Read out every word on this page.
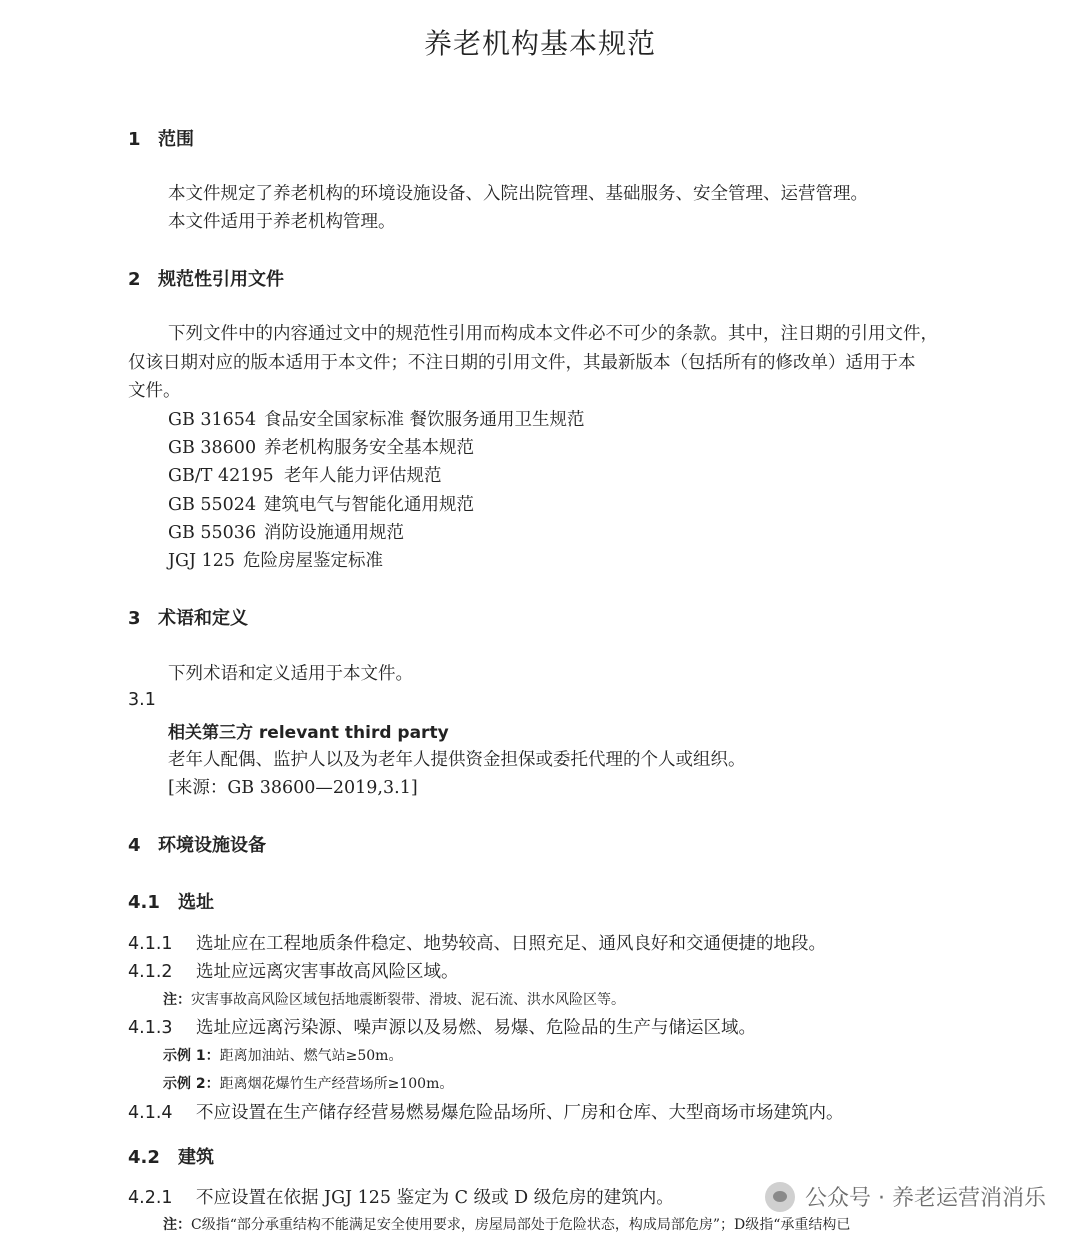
养老机构基本规范
1 范围
本文件规定了养老机构的环境设施设备、入院出院管理、基础服务、安全管理、运营管理。
本文件适用于养老机构管理。
2 规范性引用文件
下列文件中的内容通过文中的规范性引用而构成本文件必不可少的条款。其中，注日期的引用文件，
仅该日期对应的版本适用于本文件；不注日期的引用文件，其最新版本（包括所有的修改单）适用于本
文件。
GB 31654 食品安全国家标准 餐饮服务通用卫生规范
GB 38600 养老机构服务安全基本规范
GB/T 42195 老年人能力评估规范
GB 55024 建筑电气与智能化通用规范
GB 55036 消防设施通用规范
JGJ 125 危险房屋鉴定标准
3 术语和定义
下列术语和定义适用于本文件。
3.1
相关第三方 relevant third party
老年人配偶、监护人以及为老年人提供资金担保或委托代理的个人或组织。
[来源：GB 38600—2019,3.1]
4 环境设施设备
4.1 选址
4.1.1 选址应在工程地质条件稳定、地势较高、日照充足、通风良好和交通便捷的地段。
4.1.2 选址应远离灾害事故高风险区域。
注：灾害事故高风险区域包括地震断裂带、滑坡、泥石流、洪水风险区等。
4.1.3 选址应远离污染源、噪声源以及易燃、易爆、危险品的生产与储运区域。
示例 1：距离加油站、燃气站≥50m。
示例 2：距离烟花爆竹生产经营场所≥100m。
4.1.4 不应设置在生产储存经营易燃易爆危险品场所、厂房和仓库、大型商场市场建筑内。
4.2 建筑
4.2.1 不应设置在依据 JGJ 125 鉴定为 C 级或 D 级危房的建筑内。
注：C级指“部分承重结构不能满足安全使用要求，房屋局部处于危险状态，构成局部危房”；D级指“承重结构已
公众号 · 养老运营消消乐
